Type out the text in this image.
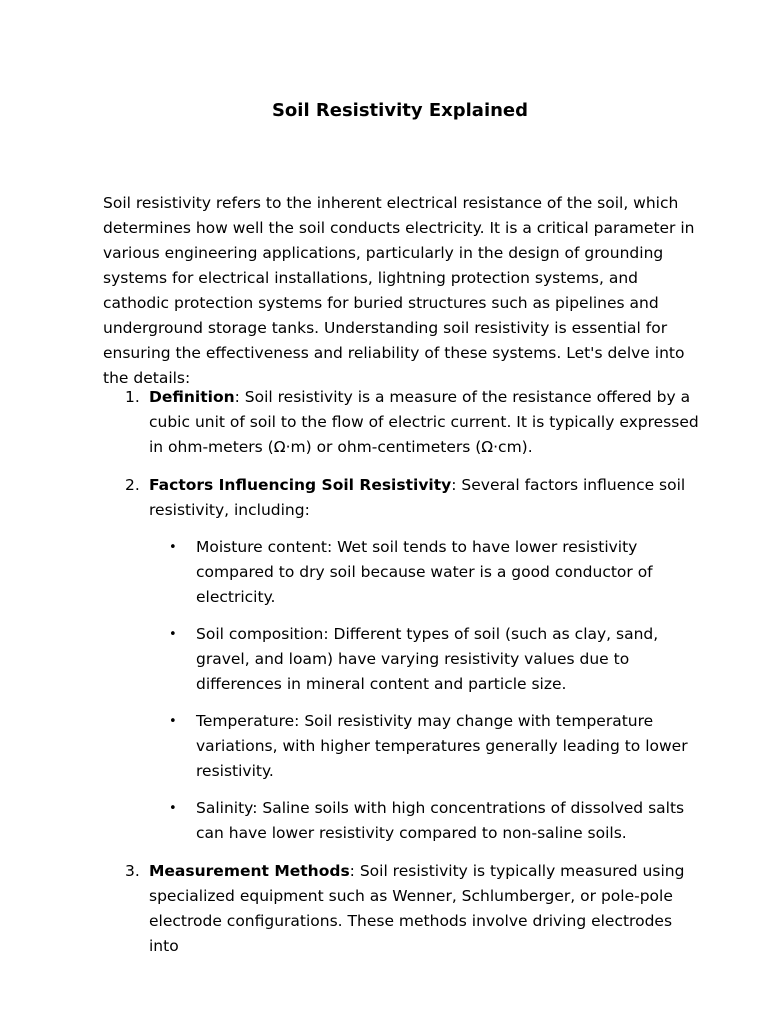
Soil Resistivity Explained

Soil resistivity refers to the inherent electrical resistance of the soil, which determines how well the soil conducts electricity. It is a critical parameter in various engineering applications, particularly in the design of grounding systems for electrical installations, lightning protection systems, and cathodic protection systems for buried structures such as pipelines and underground storage tanks. Understanding soil resistivity is essential for ensuring the effectiveness and reliability of these systems. Let's delve into the details:

1. Definition: Soil resistivity is a measure of the resistance offered by a cubic unit of soil to the flow of electric current. It is typically expressed in ohm-meters (Ω·m) or ohm-centimeters (Ω·cm).
2. Factors Influencing Soil Resistivity: Several factors influence soil resistivity, including:
• Moisture content: Wet soil tends to have lower resistivity compared to dry soil because water is a good conductor of electricity.
• Soil composition: Different types of soil (such as clay, sand, gravel, and loam) have varying resistivity values due to differences in mineral content and particle size.
• Temperature: Soil resistivity may change with temperature variations, with higher temperatures generally leading to lower resistivity.
• Salinity: Saline soils with high concentrations of dissolved salts can have lower resistivity compared to non-saline soils.
3. Measurement Methods: Soil resistivity is typically measured using specialized equipment such as Wenner, Schlumberger, or pole-pole electrode configurations. These methods involve driving electrodes into
